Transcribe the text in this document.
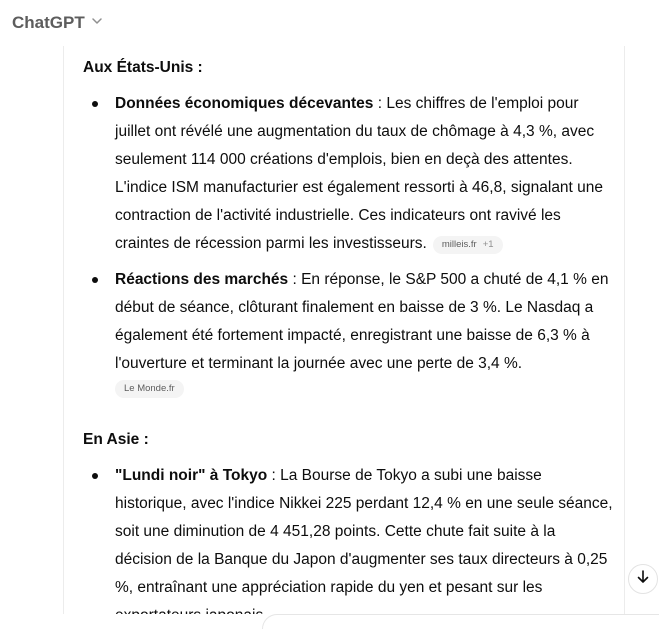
ChatGPT

Aux États-Unis :

Données économiques décevantes : Les chiffres de l'emploi pour juillet ont révélé une augmentation du taux de chômage à 4,3 %, avec seulement 114 000 créations d'emplois, bien en deçà des attentes. L'indice ISM manufacturier est également ressorti à 46,8, signalant une contraction de l'activité industrielle. Ces indicateurs ont ravivé les craintes de récession parmi les investisseurs. milleis.fr +1
Réactions des marchés : En réponse, le S&P 500 a chuté de 4,1 % en début de séance, clôturant finalement en baisse de 3 %. Le Nasdaq a également été fortement impacté, enregistrant une baisse de 6,3 % à l'ouverture et terminant la journée avec une perte de 3,4 %.
Le Monde.fr

En Asie :

"Lundi noir" à Tokyo : La Bourse de Tokyo a subi une baisse historique, avec l'indice Nikkei 225 perdant 12,4 % en une seule séance, soit une diminution de 4 451,28 points. Cette chute fait suite à la décision de la Banque du Japon d'augmenter ses taux directeurs à 0,25 %, entraînant une appréciation rapide du yen et pesant sur les
